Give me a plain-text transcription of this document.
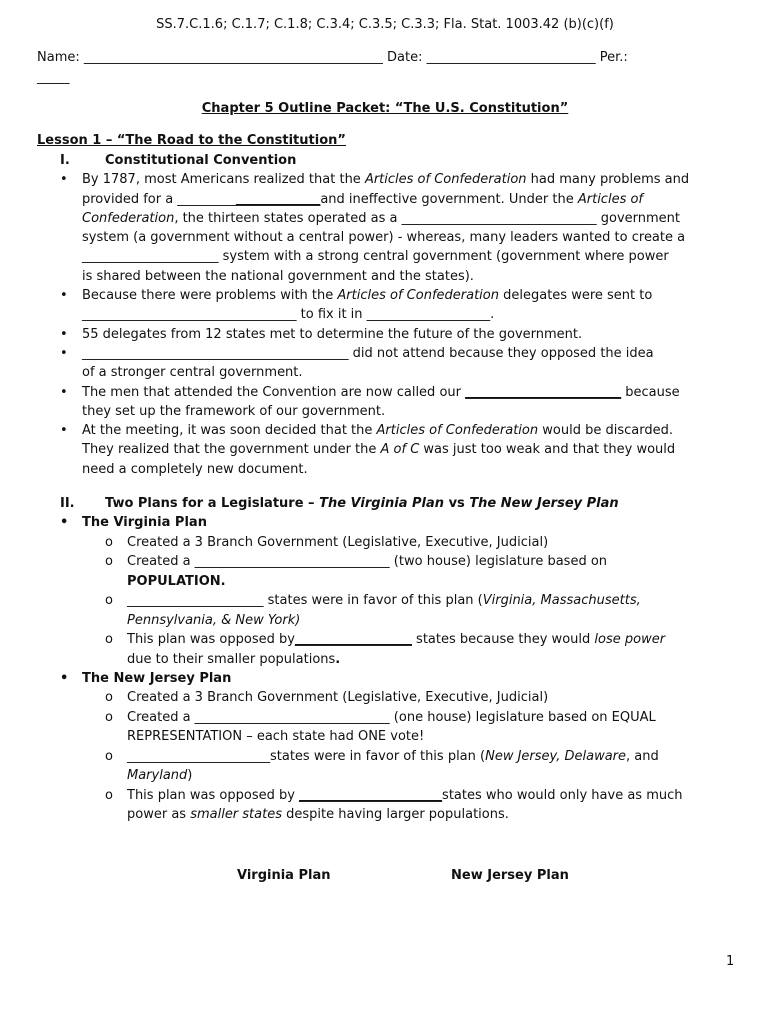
SS.7.C.1.6; C.1.7; C.1.8; C.3.4; C.3.5; C.3.3; Fla. Stat. 1003.42 (b)(c)(f)
Name: ______________________________________________ Date: __________________________ Per.:
_____
Chapter 5 Outline Packet: “The U.S. Constitution”
Lesson 1 – “The Road to the Constitution”
I.	Constitutional Convention
• By 1787, most Americans realized that the Articles of Confederation had many problems and
provided for a ______________________and ineffective government. Under the Articles of
Confederation, the thirteen states operated as a ______________________________ government
system (a government without a central power) - whereas, many leaders wanted to create a
_____________________ system with a strong central government (government where power
is shared between the national government and the states).
• Because there were problems with the Articles of Confederation delegates were sent to
_________________________________ to fix it in ___________________.
• 55 delegates from 12 states met to determine the future of the government.
• _________________________________________ did not attend because they opposed the idea
of a stronger central government.
• The men that attended the Convention are now called our ________________________ because
they set up the framework of our government.
• At the meeting, it was soon decided that the Articles of Confederation would be discarded.
They realized that the government under the A of C was just too weak and that they would
need a completely new document.
II. Two Plans for a Legislature – The Virginia Plan vs The New Jersey Plan
• The Virginia Plan
o Created a 3 Branch Government (Legislative, Executive, Judicial)
o Created a ______________________________ (two house) legislature based on
POPULATION.
o _____________________ states were in favor of this plan (Virginia, Massachusetts,
Pennsylvania, & New York)
o This plan was opposed by__________________ states because they would lose power
due to their smaller populations.
• The New Jersey Plan
o Created a 3 Branch Government (Legislative, Executive, Judicial)
o Created a ______________________________ (one house) legislature based on EQUAL
REPRESENTATION – each state had ONE vote!
o ______________________states were in favor of this plan (New Jersey, Delaware, and
Maryland)
o This plan was opposed by ______________________states who would only have as much
power as smaller states despite having larger populations.
Virginia Plan	New Jersey Plan
1
